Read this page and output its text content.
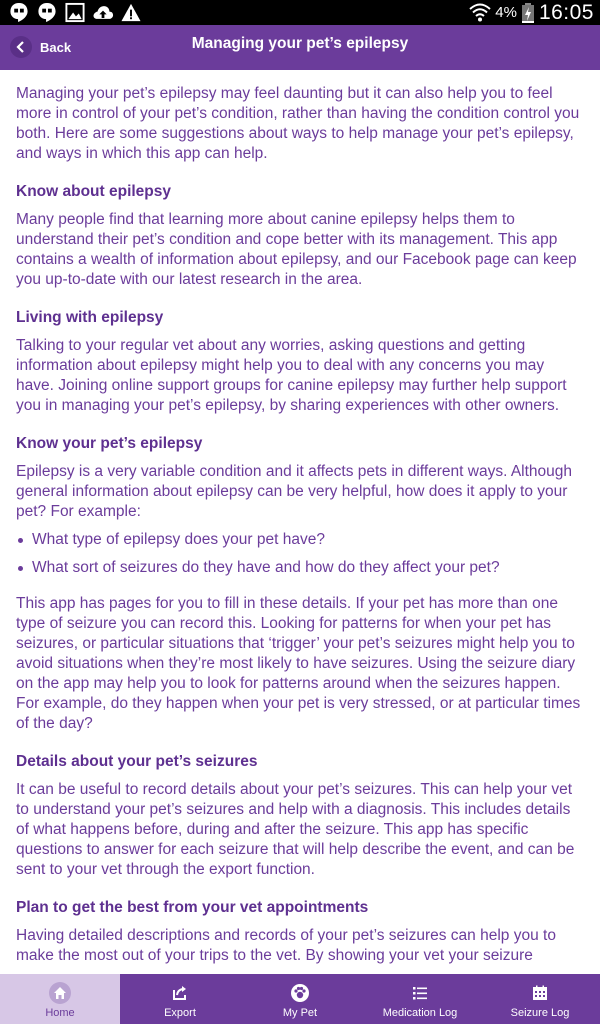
4% 16:05
Back	Managing your pet’s epilepsy

Managing your pet’s epilepsy may feel daunting but it can also help you to feel more in control of your pet’s condition, rather than having the condition control you both. Here are some suggestions about ways to help manage your pet’s epilepsy, and ways in which this app can help.

Know about epilepsy

Many people find that learning more about canine epilepsy helps them to understand their pet’s condition and cope better with its management. This app contains a wealth of information about epilepsy, and our Facebook page can keep you up-to-date with our latest research in the area.

Living with epilepsy

Talking to your regular vet about any worries, asking questions and getting information about epilepsy might help you to deal with any concerns you may have. Joining online support groups for canine epilepsy may further help support you in managing your pet’s epilepsy, by sharing experiences with other owners.

Know your pet’s epilepsy

Epilepsy is a very variable condition and it affects pets in different ways. Although general information about epilepsy can be very helpful, how does it apply to your pet? For example:

What type of epilepsy does your pet have?
What sort of seizures do they have and how do they affect your pet?

This app has pages for you to fill in these details. If your pet has more than one type of seizure you can record this. Looking for patterns for when your pet has seizures, or particular situations that ‘trigger’ your pet’s seizures might help you to avoid situations when they’re most likely to have seizures. Using the seizure diary on the app may help you to look for patterns around when the seizures happen. For example, do they happen when your pet is very stressed, or at particular times of the day?

Details about your pet’s seizures

It can be useful to record details about your pet’s seizures. This can help your vet to understand your pet’s seizures and help with a diagnosis. This includes details of what happens before, during and after the seizure. This app has specific questions to answer for each seizure that will help describe the event, and can be sent to your vet through the export function.

Plan to get the best from your vet appointments

Having detailed descriptions and records of your pet’s seizures can help you to make the most out of your trips to the vet. By showing your vet your seizure

Home	Export	My Pet	Medication Log	Seizure Log
